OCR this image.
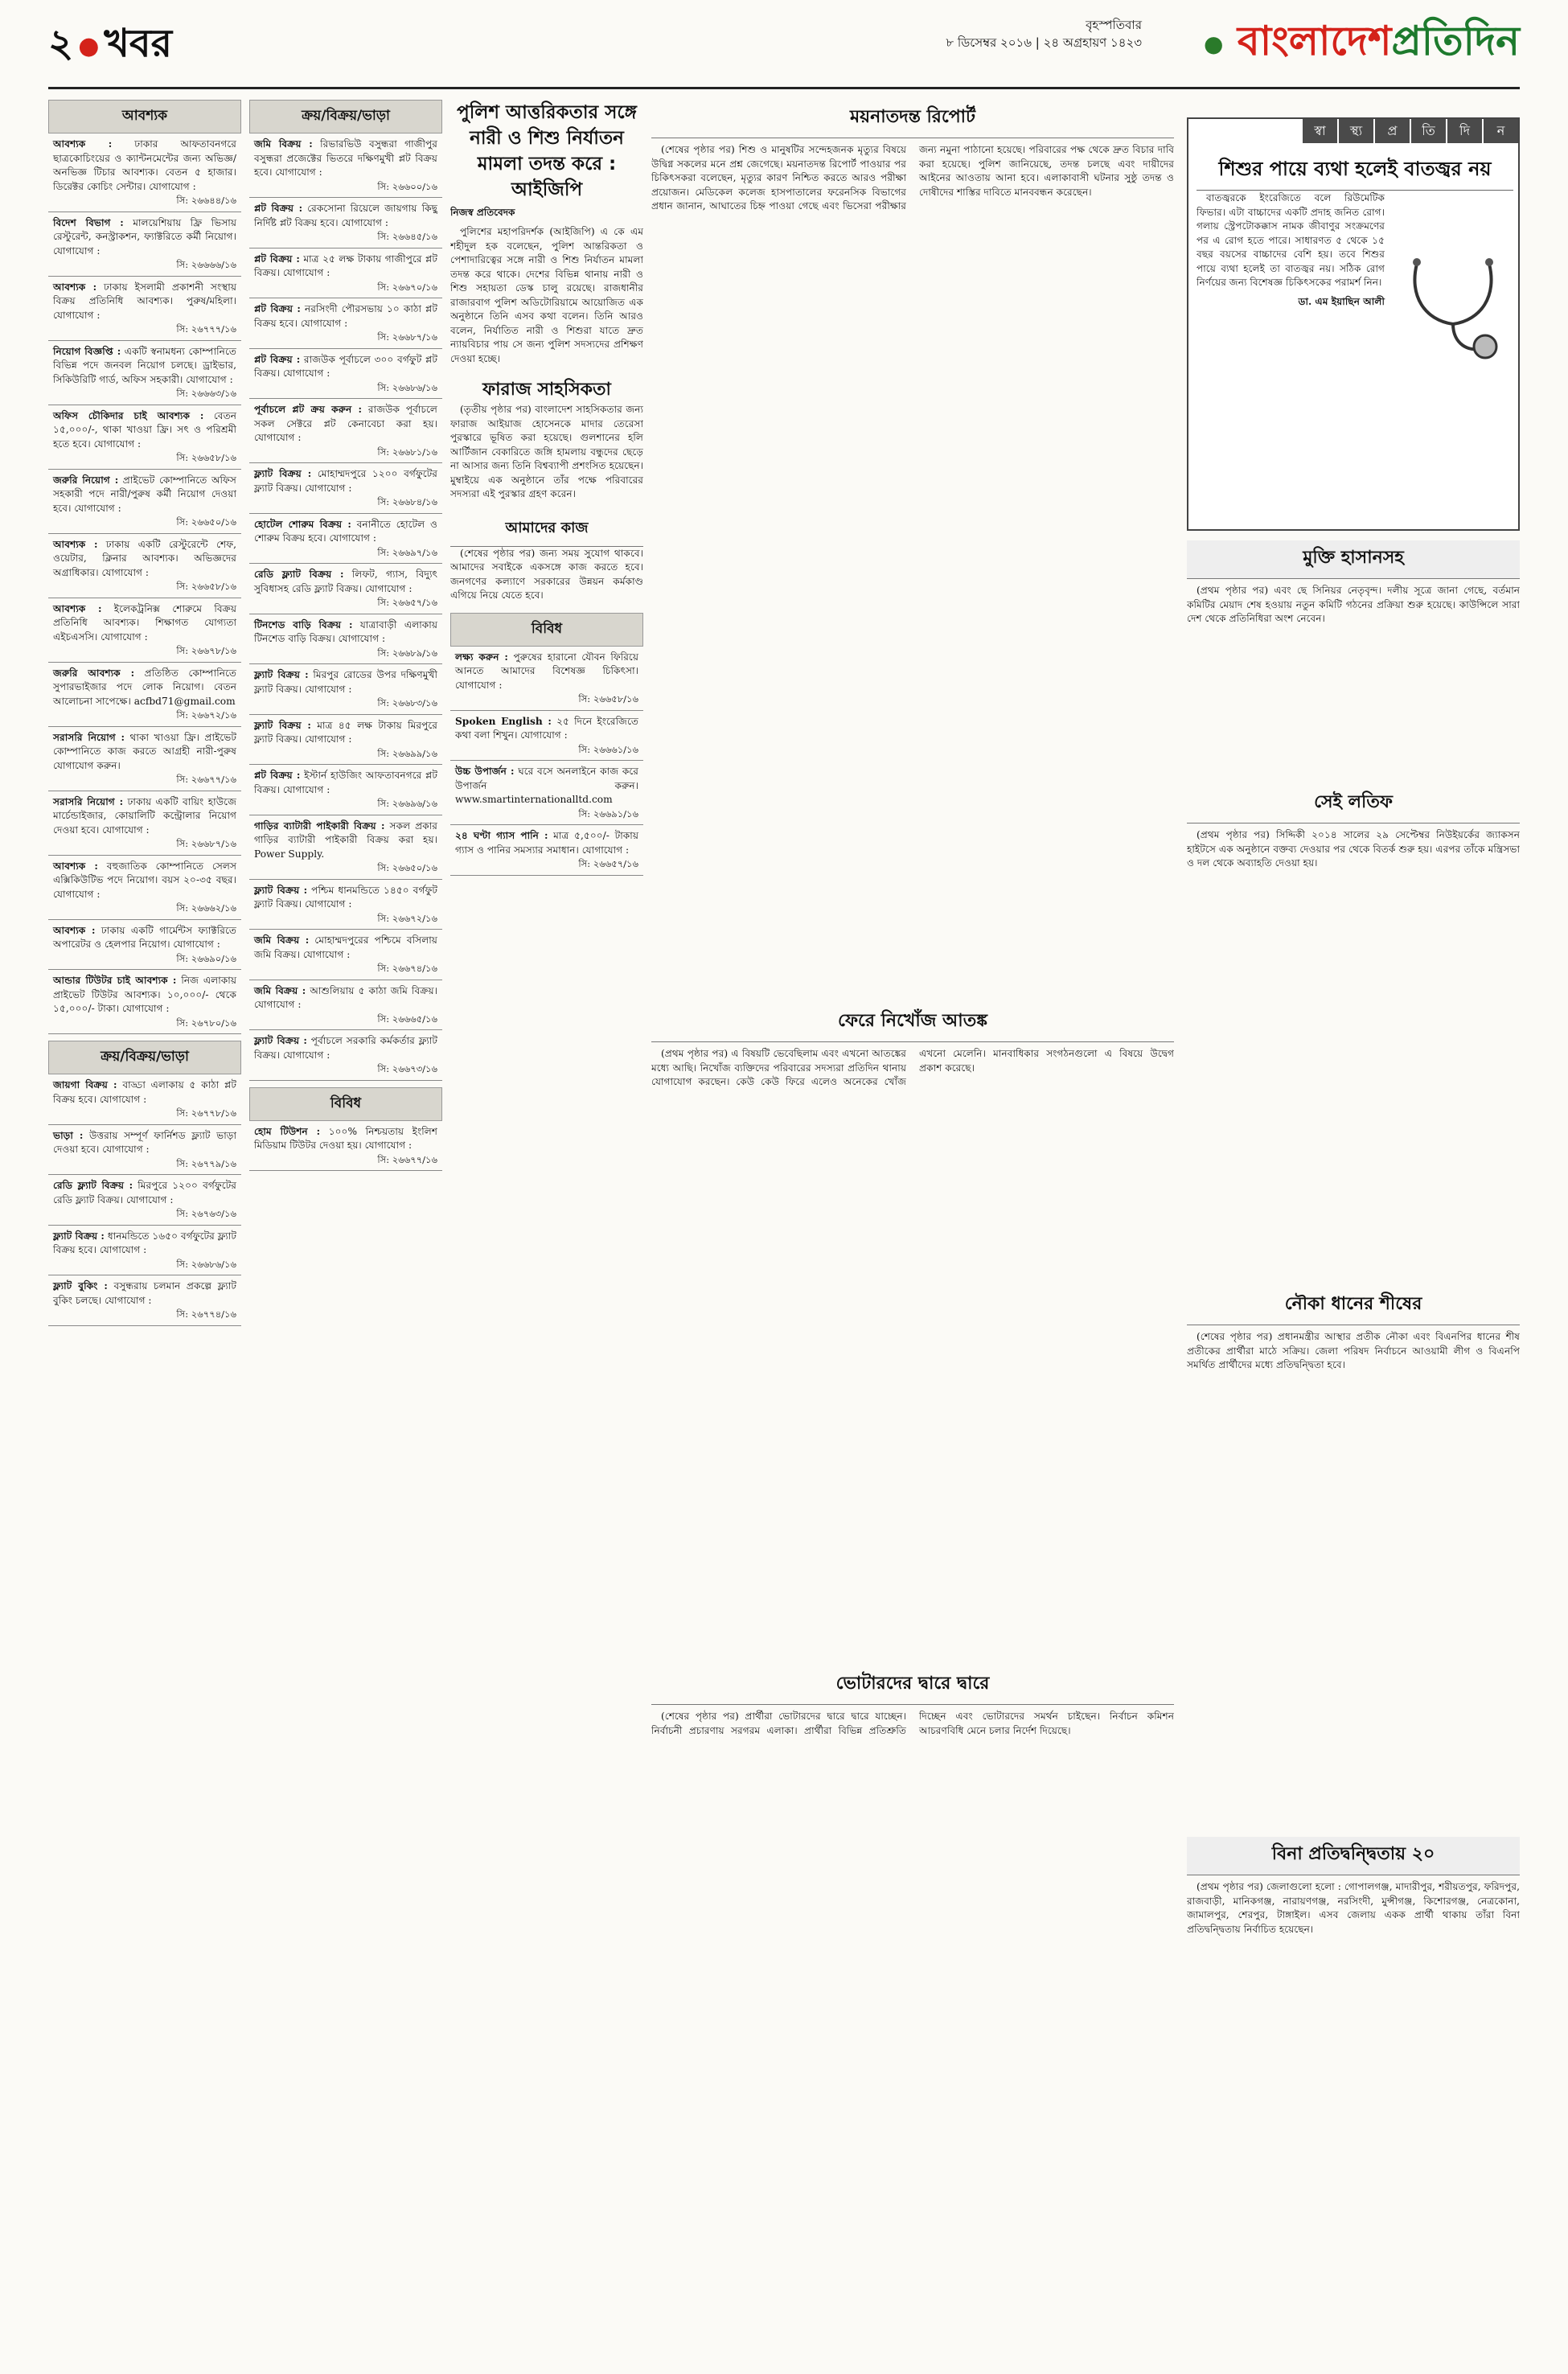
২ ● খবর	বৃহস্পতিবার
৮ ডিসেম্বর ২০১৬ | ২৪ অগ্রহায়ণ ১৪২৩	● বাংলাদেশপ্রতিদিন
আবশ্যক
আবশ্যক : ঢাকার আফতাবনগরে ছাত্রকোচিংয়ের ও ক্যান্টনমেন্টের জন্য অভিজ্ঞ/অনভিজ্ঞ টিচার আবশ্যক। বেতন ৫ হাজার। ডিরেক্টর কোচিং সেন্টার। যোগাযোগ :
সি: ২৬৬৪৪/১৬
বিদেশ বিভাগ : মালয়েশিয়ায় ফ্রি ভিসায় রেস্টুরেন্ট, কনস্ট্রাকশন, ফ্যাক্টরিতে কর্মী নিয়োগ। যোগাযোগ :
সি: ২৬৬৬৬/১৬
আবশ্যক : ঢাকায় ইসলামী প্রকাশনী সংস্থায় বিক্রয় প্রতিনিধি আবশ্যক। পুরুষ/মহিলা। যোগাযোগ :
সি: ২৬৭৭৭/১৬
নিয়োগ বিজ্ঞপ্তি : একটি স্বনামধন্য কোম্পানিতে বিভিন্ন পদে জনবল নিয়োগ চলছে। ড্রাইভার, সিকিউরিটি গার্ড, অফিস সহকারী। যোগাযোগ :
সি: ২৬৬৬৩/১৬
অফিস চৌকিদার চাই আবশ্যক : বেতন ১৫,০০০/-, থাকা খাওয়া ফ্রি। সৎ ও পরিশ্রমী হতে হবে। যোগাযোগ :
সি: ২৬৬৫৮/১৬
জরুরি নিয়োগ : প্রাইভেট কোম্পানিতে অফিস সহকারী পদে নারী/পুরুষ কর্মী নিয়োগ দেওয়া হবে। যোগাযোগ :
সি: ২৬৬৫০/১৬
আবশ্যক : ঢাকায় একটি রেস্টুরেন্টে শেফ, ওয়েটার, ক্লিনার আবশ্যক। অভিজ্ঞদের অগ্রাধিকার। যোগাযোগ :
সি: ২৬৬৫৮/১৬
আবশ্যক : ইলেকট্রনিক্স শোরুমে বিক্রয় প্রতিনিধি আবশ্যক। শিক্ষাগত যোগ্যতা এইচএসসি। যোগাযোগ :
সি: ২৬৬৭৮/১৬
জরুরি আবশ্যক : প্রতিষ্ঠিত কোম্পানিতে সুপারভাইজার পদে লোক নিয়োগ। বেতন আলোচনা সাপেক্ষে। acfbd71@gmail.com
সি: ২৬৬৭২/১৬
সরাসরি নিয়োগ : থাকা খাওয়া ফ্রি। প্রাইভেট কোম্পানিতে কাজ করতে আগ্রহী নারী-পুরুষ যোগাযোগ করুন।
সি: ২৬৬৭৭/১৬
সরাসরি নিয়োগ : ঢাকায় একটি বায়িং হাউজে মার্চেন্ডাইজার, কোয়ালিটি কন্ট্রোলার নিয়োগ দেওয়া হবে। যোগাযোগ :
সি: ২৬৬৮৭/১৬
আবশ্যক : বহুজাতিক কোম্পানিতে সেলস এক্সিকিউটিভ পদে নিয়োগ। বয়স ২০-৩৫ বছর। যোগাযোগ :
সি: ২৬৬৬২/১৬
আবশ্যক : ঢাকায় একটি গার্মেন্টস ফ্যাক্টরিতে অপারেটর ও হেলপার নিয়োগ। যোগাযোগ :
সি: ২৬৬৯০/১৬
আন্ডার টিউটর চাই আবশ্যক : নিজ এলাকায় প্রাইভেট টিউটর আবশ্যক। ১০,০০০/- থেকে ১৫,০০০/- টাকা। যোগাযোগ :
সি: ২৬৭৮০/১৬
ক্রয়/বিক্রয়/ভাড়া
জায়গা বিক্রয় : বাড্ডা এলাকায় ৫ কাঠা প্লট বিক্রয় হবে। যোগাযোগ :
সি: ২৬৭৭৮/১৬
ভাড়া : উত্তরায় সম্পূর্ণ ফার্নিশড ফ্ল্যাট ভাড়া দেওয়া হবে। যোগাযোগ :
সি: ২৬৭৭৯/১৬
রেডি ফ্ল্যাট বিক্রয় : মিরপুরে ১২০০ বর্গফুটের রেডি ফ্ল্যাট বিক্রয়। যোগাযোগ :
সি: ২৬৭৬৩/১৬
ফ্ল্যাট বিক্রয় : ধানমন্ডিতে ১৬৫০ বর্গফুটের ফ্ল্যাট বিক্রয় হবে। যোগাযোগ :
সি: ২৬৬৮৬/১৬
ফ্ল্যাট বুকিং : বসুন্ধরায় চলমান প্রকল্পে ফ্ল্যাট বুকিং চলছে। যোগাযোগ :
সি: ২৬৭৭৪/১৬
ক্রয়/বিক্রয়/ভাড়া
জমি বিক্রয় : রিভারভিউ বসুন্ধরা গাজীপুর বসুন্ধরা প্রজেক্টের ভিতরে দক্ষিণমুখী প্লট বিক্রয় হবে। যোগাযোগ :
সি: ২৬৬০০/১৬
প্লট বিক্রয় : রেকসোনা রিয়েলে জায়গায় কিছু নির্দিষ্ট প্লট বিক্রয় হবে। যোগাযোগ :
সি: ২৬৬৪৫/১৬
প্লট বিক্রয় : মাত্র ২৫ লক্ষ টাকায় গাজীপুরে প্লট বিক্রয়। যোগাযোগ :
সি: ২৬৬৭০/১৬
প্লট বিক্রয় : নরসিংদী পৌরসভায় ১০ কাঠা প্লট বিক্রয় হবে। যোগাযোগ :
সি: ২৬৬৮৭/১৬
প্লট বিক্রয় : রাজউক পূর্বাচলে ৩০০ বর্গফুট প্লট বিক্রয়। যোগাযোগ :
সি: ২৬৬৮৬/১৬
পূর্বাচলে প্লট ক্রয় করুন : রাজউক পূর্বাচলে সকল সেক্টরে প্লট কেনাবেচা করা হয়। যোগাযোগ :
সি: ২৬৬৮১/১৬
ফ্ল্যাট বিক্রয় : মোহাম্মদপুরে ১২০০ বর্গফুটের ফ্ল্যাট বিক্রয়। যোগাযোগ :
সি: ২৬৬৮৪/১৬
হোটেল শোরুম বিক্রয় : বনানীতে হোটেল ও শোরুম বিক্রয় হবে। যোগাযোগ :
সি: ২৬৬৯৭/১৬
রেডি ফ্ল্যাট বিক্রয় : লিফট, গ্যাস, বিদ্যুৎ সুবিধাসহ রেডি ফ্ল্যাট বিক্রয়। যোগাযোগ :
সি: ২৬৬৫৭/১৬
টিনশেড বাড়ি বিক্রয় : যাত্রাবাড়ী এলাকায় টিনশেড বাড়ি বিক্রয়। যোগাযোগ :
সি: ২৬৬৮৯/১৬
ফ্ল্যাট বিক্রয় : মিরপুর রোডের উপর দক্ষিণমুখী ফ্ল্যাট বিক্রয়। যোগাযোগ :
সি: ২৬৬৮৩/১৬
ফ্ল্যাট বিক্রয় : মাত্র ৪৫ লক্ষ টাকায় মিরপুরে ফ্ল্যাট বিক্রয়। যোগাযোগ :
সি: ২৬৬৯৯/১৬
প্লট বিক্রয় : ইস্টার্ন হাউজিং আফতাবনগরে প্লট বিক্রয়। যোগাযোগ :
সি: ২৬৬৯৬/১৬
গাড়ির ব্যাটারী পাইকারী বিক্রয় : সকল প্রকার গাড়ির ব্যাটারী পাইকারী বিক্রয় করা হয়। Power Supply.
সি: ২৬৬৫০/১৬
ফ্ল্যাট বিক্রয় : পশ্চিম ধানমন্ডিতে ১৪৫০ বর্গফুট ফ্ল্যাট বিক্রয়। যোগাযোগ :
সি: ২৬৬৭২/১৬
জমি বিক্রয় : মোহাম্মদপুরের পশ্চিমে বসিলায় জমি বিক্রয়। যোগাযোগ :
সি: ২৬৬৭৪/১৬
জমি বিক্রয় : আশুলিয়ায় ৫ কাঠা জমি বিক্রয়। যোগাযোগ :
সি: ২৬৬৬৫/১৬
ফ্ল্যাট বিক্রয় : পূর্বাচলে সরকারি কর্মকর্তার ফ্ল্যাট বিক্রয়। যোগাযোগ :
সি: ২৬৬৭৩/১৬
বিবিধ
হোম টিউশন : ১০০% নিশ্চয়তায় ইংলিশ মিডিয়াম টিউটর দেওয়া হয়। যোগাযোগ :
সি: ২৬৬৭৭/১৬
পুলিশ আত্তরিকতার সঙ্গে নারী ও শিশু নির্যাতন মামলা তদন্ত করে : আইজিপি
নিজস্ব প্রতিবেদক

পুলিশের মহাপরিদর্শক (আইজিপি) এ কে এম শহীদুল হক বলেছেন, পুলিশ আন্তরিকতা ও পেশাদারিত্বের সঙ্গে নারী ও শিশু নির্যাতন মামলা তদন্ত করে থাকে। দেশের বিভিন্ন থানায় নারী ও শিশু সহায়তা ডেস্ক চালু রয়েছে। রাজধানীর রাজারবাগ পুলিশ অডিটোরিয়ামে আয়োজিত এক অনুষ্ঠানে তিনি এসব কথা বলেন। তিনি আরও বলেন, নির্যাতিত নারী ও শিশুরা যাতে দ্রুত ন্যায়বিচার পায় সে জন্য পুলিশ সদস্যদের প্রশিক্ষণ দেওয়া হচ্ছে।

ফারাজ সাহসিকতা

(তৃতীয় পৃষ্ঠার পর) বাংলাদেশ সাহসিকতার জন্য ফারাজ আইয়াজ হোসেনকে মাদার তেরেসা পুরস্কারে ভূষিত করা হয়েছে। গুলশানের হলি আর্টিজান বেকারিতে জঙ্গি হামলায় বন্ধুদের ছেড়ে না আসার জন্য তিনি বিশ্বব্যাপী প্রশংসিত হয়েছেন। মুম্বাইয়ে এক অনুষ্ঠানে তাঁর পক্ষে পরিবারের সদস্যরা এই পুরস্কার গ্রহণ করেন।

আমাদের কাজ

(শেষের পৃষ্ঠার পর) জন্য সময় সুযোগ থাকবে। আমাদের সবাইকে একসঙ্গে কাজ করতে হবে। জনগণের কল্যাণে সরকারের উন্নয়ন কর্মকাণ্ড এগিয়ে নিয়ে যেতে হবে।

বিবিধ
লক্ষ্য করুন : পুরুষের হারানো যৌবন ফিরিয়ে আনতে আমাদের বিশেষজ্ঞ চিকিৎসা। যোগাযোগ :
সি: ২৬৬৫৮/১৬
Spoken English : ২৫ দিনে ইংরেজিতে কথা বলা শিখুন। যোগাযোগ :
সি: ২৬৬৬১/১৬
উচ্চ উপার্জন : ঘরে বসে অনলাইনে কাজ করে উপার্জন করুন। www.smartinternationalltd.com
সি: ২৬৬৯১/১৬
২৪ ঘণ্টা গ্যাস পানি : মাত্র ৫,৫০০/- টাকায় গ্যাস ও পানির সমস্যার সমাধান। যোগাযোগ :
সি: ২৬৬৫৭/১৬
ময়নাতদন্ত রিপোর্ট

(শেষের পৃষ্ঠার পর) শিশু ও মানুষটির সন্দেহজনক মৃত্যুর বিষয়ে উদ্বিগ্ন সকলের মনে প্রশ্ন জেগেছে। ময়নাতদন্ত রিপোর্ট পাওয়ার পর চিকিৎসকরা বলেছেন, মৃত্যুর কারণ নিশ্চিত করতে আরও পরীক্ষা প্রয়োজন। মেডিকেল কলেজ হাসপাতালের ফরেনসিক বিভাগের প্রধান জানান, আঘাতের চিহ্ন পাওয়া গেছে এবং ভিসেরা পরীক্ষার জন্য নমুনা পাঠানো হয়েছে। পরিবারের পক্ষ থেকে দ্রুত বিচার দাবি করা হয়েছে। পুলিশ জানিয়েছে, তদন্ত চলছে এবং দায়ীদের আইনের আওতায় আনা হবে। এলাকাবাসী ঘটনার সুষ্ঠু তদন্ত ও দোষীদের শাস্তির দাবিতে মানববন্ধন করেছেন।

ফেরে নিখোঁজ আতঙ্ক

(প্রথম পৃষ্ঠার পর) এ বিষয়টি ভেবেছিলাম এবং এখনো আতঙ্কের মধ্যে আছি। নিখোঁজ ব্যক্তিদের পরিবারের সদস্যরা প্রতিদিন থানায় যোগাযোগ করছেন। কেউ কেউ ফিরে এলেও অনেকের খোঁজ এখনো মেলেনি। মানবাধিকার সংগঠনগুলো এ বিষয়ে উদ্বেগ প্রকাশ করেছে।

ভোটারদের দ্বারে দ্বারে

(শেষের পৃষ্ঠার পর) প্রার্থীরা ভোটারদের দ্বারে দ্বারে যাচ্ছেন। নির্বাচনী প্রচারণায় সরগরম এলাকা। প্রার্থীরা বিভিন্ন প্রতিশ্রুতি দিচ্ছেন এবং ভোটারদের সমর্থন চাইছেন। নির্বাচন কমিশন আচরণবিধি মেনে চলার নির্দেশ দিয়েছে।

স্বা	স্থ্য	প্র	তি	দি	ন
শিশুর পায়ে ব্যথা হলেই বাতজ্বর নয়

বাতজ্বরকে ইংরেজিতে বলে রিউমেটিক ফিভার। এটা বাচ্চাদের একটি প্রদাহ জনিত রোগ। গলায় স্ট্রেপটোকক্কাস নামক জীবাণুর সংক্রমণের পর এ রোগ হতে পারে। সাধারণত ৫ থেকে ১৫ বছর বয়সের বাচ্চাদের বেশি হয়। তবে শিশুর পায়ে ব্যথা হলেই তা বাতজ্বর নয়। সঠিক রোগ নির্ণয়ের জন্য বিশেষজ্ঞ চিকিৎসকের পরামর্শ নিন।

ডা. এম ইয়াছিন আলী

মুক্তি হাসানসহ

(প্রথম পৃষ্ঠার পর) এবং ছে সিনিয়র নেতৃবৃন্দ। দলীয় সূত্রে জানা গেছে, বর্তমান কমিটির মেয়াদ শেষ হওয়ায় নতুন কমিটি গঠনের প্রক্রিয়া শুরু হয়েছে। কাউন্সিলে সারা দেশ থেকে প্রতিনিধিরা অংশ নেবেন।

সেই লতিফ

(প্রথম পৃষ্ঠার পর) সিদ্দিকী ২০১৪ সালের ২৯ সেপ্টেম্বর নিউইয়র্কের জ্যাকসন হাইটসে এক অনুষ্ঠানে বক্তব্য দেওয়ার পর থেকে বিতর্ক শুরু হয়। এরপর তাঁকে মন্ত্রিসভা ও দল থেকে অব্যাহতি দেওয়া হয়।

নৌকা ধানের শীষের

(শেষের পৃষ্ঠার পর) প্রধানমন্ত্রীর আস্থার প্রতীক নৌকা এবং বিএনপির ধানের শীষ প্রতীকের প্রার্থীরা মাঠে সক্রিয়। জেলা পরিষদ নির্বাচনে আওয়ামী লীগ ও বিএনপি সমর্থিত প্রার্থীদের মধ্যে প্রতিদ্বন্দ্বিতা হবে।

বিনা প্রতিদ্বন্দ্বিতায় ২০

(প্রথম পৃষ্ঠার পর) জেলাগুলো হলো : গোপালগঞ্জ, মাদারীপুর, শরীয়তপুর, ফরিদপুর, রাজবাড়ী, মানিকগঞ্জ, নারায়ণগঞ্জ, নরসিংদী, মুন্সীগঞ্জ, কিশোরগঞ্জ, নেত্রকোনা, জামালপুর, শেরপুর, টাঙ্গাইল। এসব জেলায় একক প্রার্থী থাকায় তাঁরা বিনা প্রতিদ্বন্দ্বিতায় নির্বাচিত হয়েছেন।
